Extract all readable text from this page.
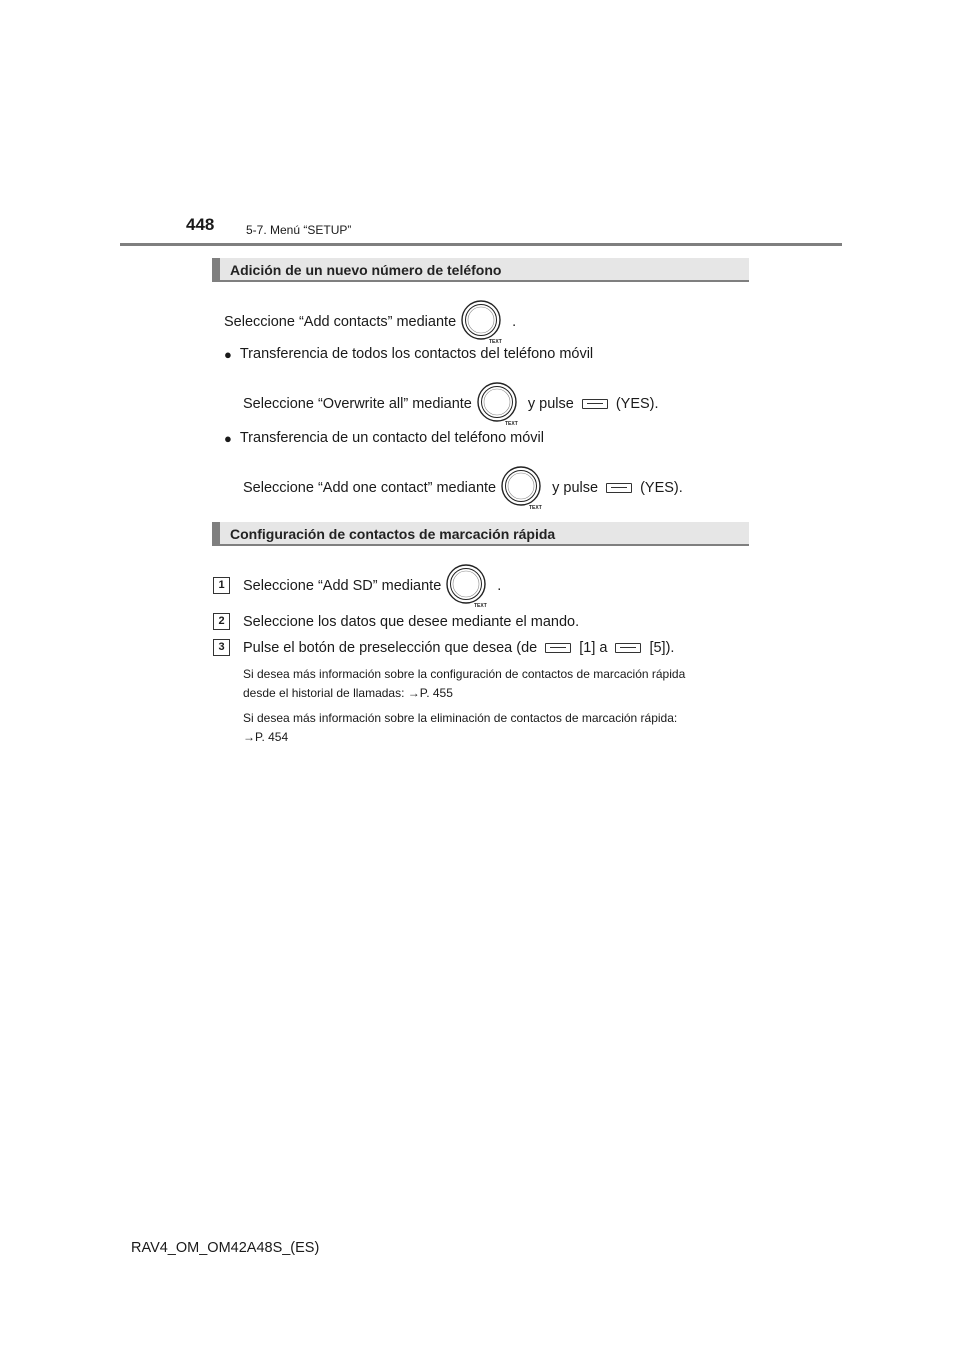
448	5-7. Menú “SETUP”
Adición de un nuevo número de teléfono
Seleccione “Add contacts” mediante
TEXT
.
● Transferencia de todos los contactos del teléfono móvil
Seleccione “Overwrite all” mediante
TEXT
y pulse	(YES).
● Transferencia de un contacto del teléfono móvil
Seleccione “Add one contact” mediante
TEXT
y pulse	(YES).
Configuración de contactos de marcación rápida
1	Seleccione “Add SD” mediante
TEXT
.
2	Seleccione los datos que desee mediante el mando.
3	Pulse el botón de preselección que desea (de	[1] a	[5]).
Si desea más información sobre la configuración de contactos de marcación rápida
desde el historial de llamadas: →P. 455
Si desea más información sobre la eliminación de contactos de marcación rápida:
→P. 454
RAV4_OM_OM42A48S_(ES)
